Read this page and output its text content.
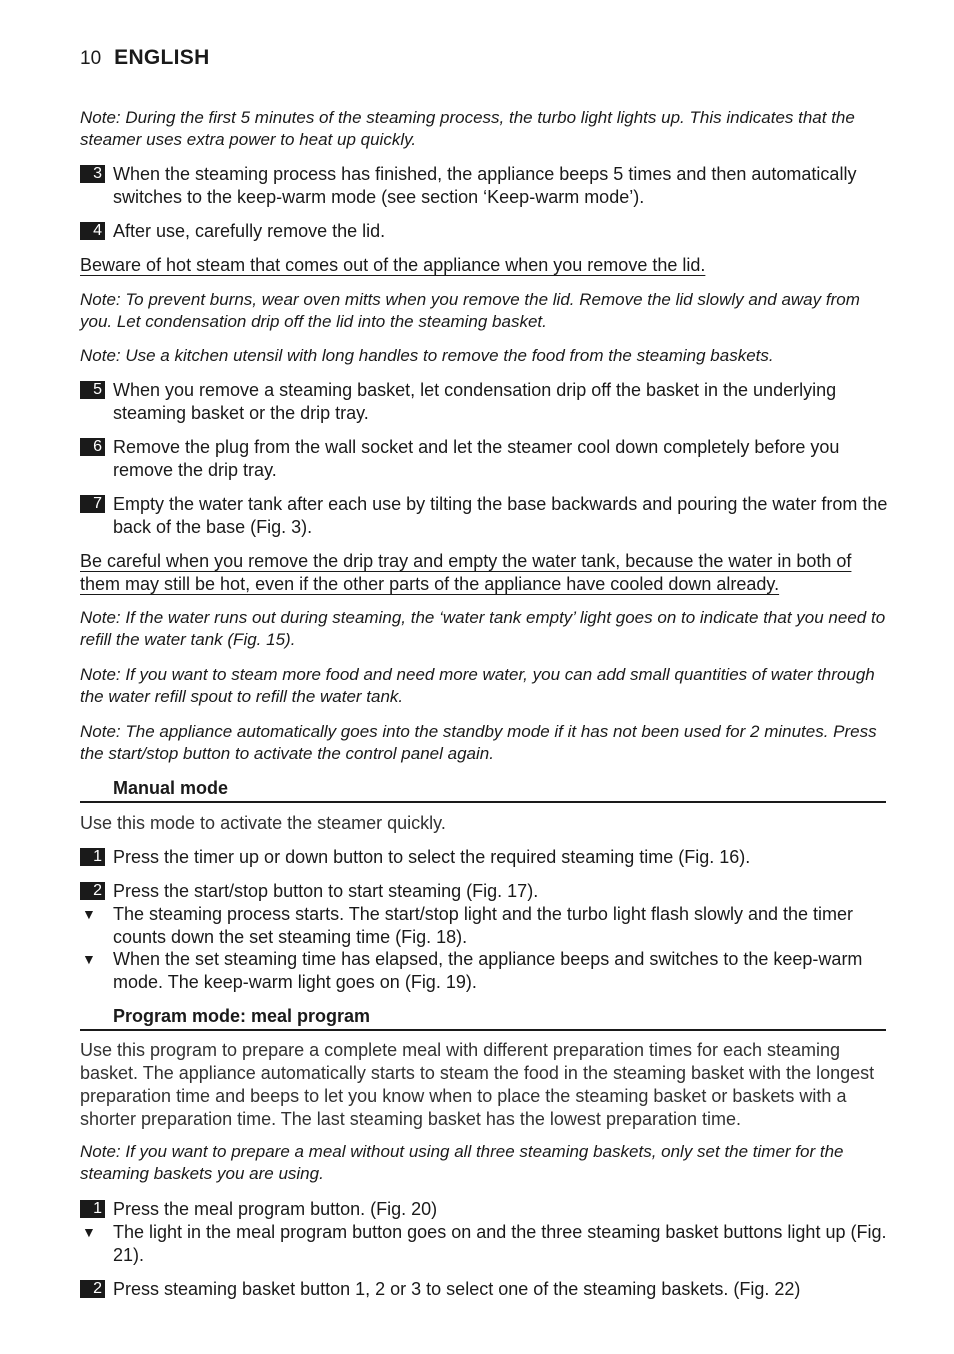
10 ENGLISH
Note: During the first 5 minutes of the steaming process, the turbo light lights up. This indicates that the steamer uses extra power to heat up quickly.
3 When the steaming process has finished, the appliance beeps 5 times and then automatically switches to the keep-warm mode (see section ‘Keep-warm mode’).
4 After use, carefully remove the lid.
Beware of hot steam that comes out of the appliance when you remove the lid.
Note: To prevent burns, wear oven mitts when you remove the lid. Remove the lid slowly and away from you. Let condensation drip off the lid into the steaming basket.
Note: Use a kitchen utensil with long handles to remove the food from the steaming baskets.
5 When you remove a steaming basket, let condensation drip off the basket in the underlying steaming basket or the drip tray.
6 Remove the plug from the wall socket and let the steamer cool down completely before you remove the drip tray.
7 Empty the water tank after each use by tilting the base backwards and pouring the water from the back of the base (Fig. 3).
Be careful when you remove the drip tray and empty the water tank, because the water in both of them may still be hot, even if the other parts of the appliance have cooled down already.
Note: If the water runs out during steaming, the ‘water tank empty’ light goes on to indicate that you need to refill the water tank (Fig. 15).
Note: If you want to steam more food and need more water, you can add small quantities of water through the water refill spout to refill the water tank.
Note: The appliance automatically goes into the standby mode if it has not been used for 2 minutes. Press the start/stop button to activate the control panel again.
Manual mode
Use this mode to activate the steamer quickly.
1 Press the timer up or down button to select the required steaming time (Fig. 16).
2 Press the start/stop button to start steaming (Fig. 17).
▼ The steaming process starts. The start/stop light and the turbo light flash slowly and the timer counts down the set steaming time (Fig. 18).
▼ When the set steaming time has elapsed, the appliance beeps and switches to the keep-warm mode. The keep-warm light goes on (Fig. 19).
Program mode: meal program
Use this program to prepare a complete meal with different preparation times for each steaming basket. The appliance automatically starts to steam the food in the steaming basket with the longest preparation time and beeps to let you know when to place the steaming basket or baskets with a shorter preparation time. The last steaming basket has the lowest preparation time.
Note: If you want to prepare a meal without using all three steaming baskets, only set the timer for the steaming baskets you are using.
1 Press the meal program button. (Fig. 20)
▼ The light in the meal program button goes on and the three steaming basket buttons light up (Fig. 21).
2 Press steaming basket button 1, 2 or 3 to select one of the steaming baskets. (Fig. 22)
